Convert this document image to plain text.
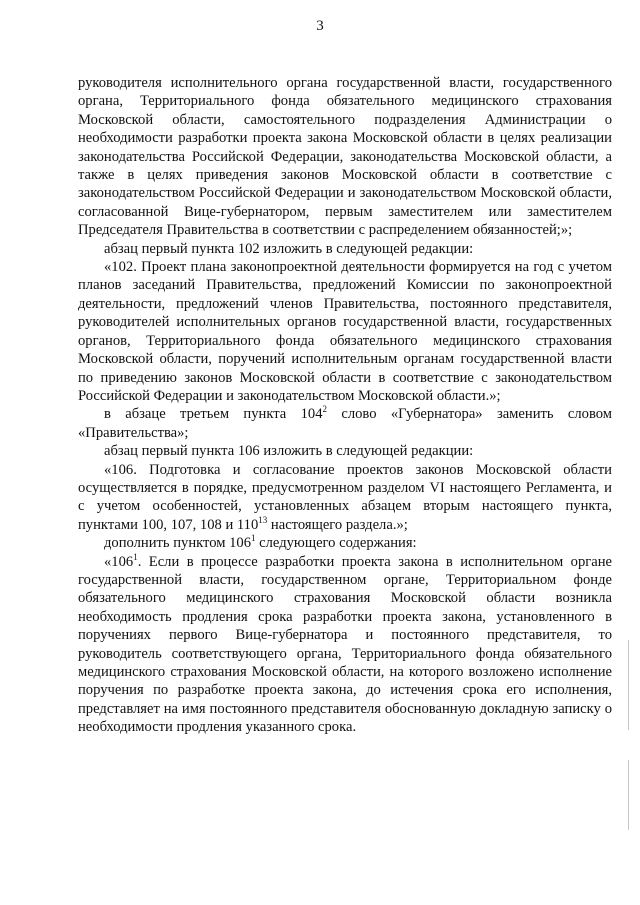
3

руководителя исполнительного органа государственной власти, государственного органа, Территориального фонда обязательного медицинского страхования Московской области, самостоятельного подразделения Администрации о необходимости разработки проекта закона Московской области в целях реализации законодательства Российской Федерации, законодательства Московской области, а также в целях приведения законов Московской области в соответствие с законодательством Российской Федерации и законодательством Московской области, согласованной Вице-губернатором, первым заместителем или заместителем Председателя Правительства в соответствии с распределением обязанностей;»;

абзац первый пункта 102 изложить в следующей редакции:

«102. Проект плана законопроектной деятельности формируется на год с учетом планов заседаний Правительства, предложений Комиссии по законопроектной деятельности, предложений членов Правительства, постоянного представителя, руководителей исполнительных органов государственной власти, государственных органов, Территориального фонда обязательного медицинского страхования Московской области, поручений исполнительным органам государственной власти по приведению законов Московской области в соответствие с законодательством Российской Федерации и законодательством Московской области.»;

в абзаце третьем пункта $104^2$ слово «Губернатора» заменить словом «Правительства»;

абзац первый пункта 106 изложить в следующей редакции:

«106. Подготовка и согласование проектов законов Московской области осуществляется в порядке, предусмотренном разделом VI настоящего Регламента, и с учетом особенностей, установленных абзацем вторым настоящего пункта, пунктами 100, 107, 108 и $110^{13}$ настоящего раздела.»;

дополнить пунктом $106^1$ следующего содержания:

«$106^1$. Если в процессе разработки проекта закона в исполнительном органе государственной власти, государственном органе, Территориальном фонде обязательного медицинского страхования Московской области возникла необходимость продления срока разработки проекта закона, установленного в поручениях первого Вице-губернатора и постоянного представителя, то руководитель соответствующего органа, Территориального фонда обязательного медицинского страхования Московской области, на которого возложено исполнение поручения по разработке проекта закона, до истечения срока его исполнения, представляет на имя постоянного представителя обоснованную докладную записку о необходимости продления указанного срока.
